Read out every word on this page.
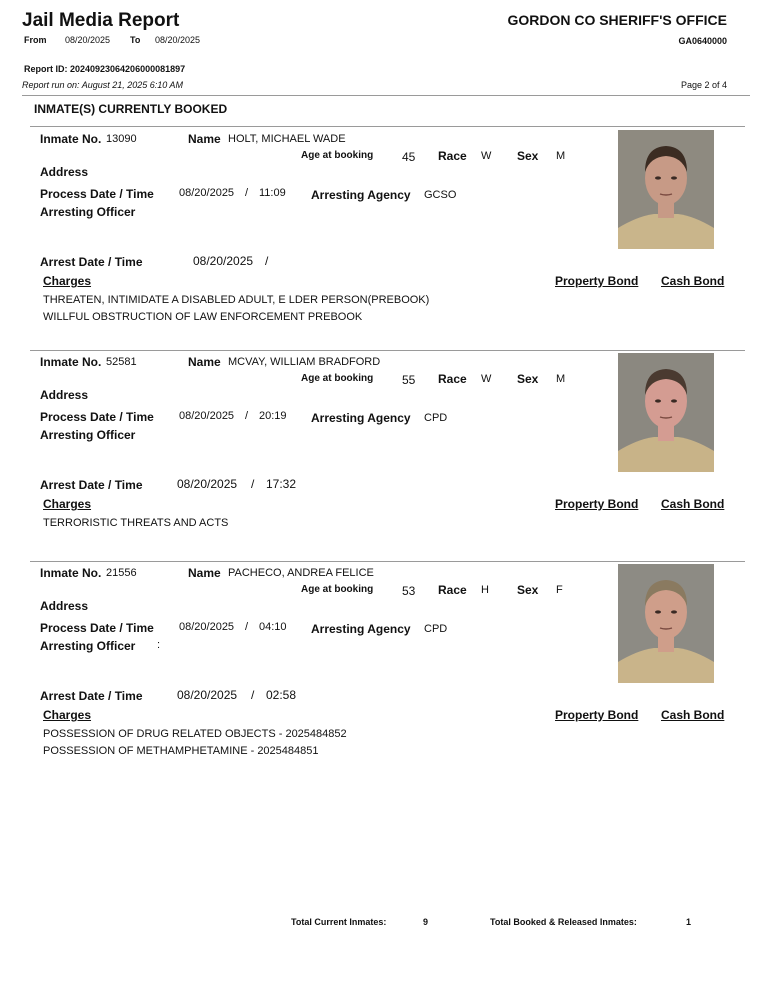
Jail Media Report	GORDON CO SHERIFF'S OFFICE
GA0640000
From 08/20/2025 To 08/20/2025
Report ID: 20240923064206000081897
Report run on: August 21, 2025 6:10 AM	Page 2 of 4
INMATE(S) CURRENTLY BOOKED
Inmate No. 13090	Name HOLT, MICHAEL WADE
Age at booking 45 Race W Sex M
Address
Process Date / Time 08/20/2025 / 11:09 Arresting Agency GCSO
Arresting Officer
Arrest Date / Time	08/20/2025 /
Charges	Property Bond Cash Bond
THREATEN, INTIMIDATE A DISABLED ADULT, E LDER PERSON(PREBOOK)
WILLFUL OBSTRUCTION OF LAW ENFORCEMENT PREBOOK
Inmate No. 52581	Name MCVAY, WILLIAM BRADFORD
Age at booking 55 Race W Sex M
Address
Process Date / Time 08/20/2025 / 20:19 Arresting Agency CPD
Arresting Officer
Arrest Date / Time	08/20/2025 / 17:32
Charges	Property Bond Cash Bond
TERRORISTIC THREATS AND ACTS
Inmate No. 21556	Name PACHECO, ANDREA FELICE
Age at booking 53 Race H Sex F
Address
Process Date / Time 08/20/2025 / 04:10 Arresting Agency CPD
Arresting Officer :
Arrest Date / Time	08/20/2025 / 02:58
Charges	Property Bond Cash Bond
POSSESSION OF DRUG RELATED OBJECTS - 2025484852
POSSESSION OF METHAMPHETAMINE - 2025484851
Total Current Inmates:	9	Total Booked & Released Inmates:	1
